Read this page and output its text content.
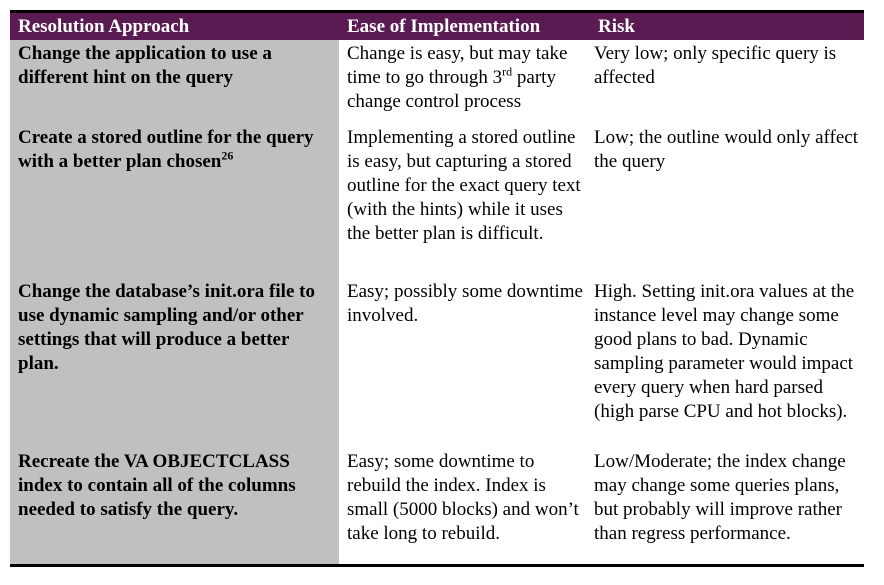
Resolution Approach	Ease of Implementation	Risk
Change the application to use a different hint on the query	Change is easy, but may take time to go through 3rd party change control process	Very low; only specific query is affected
Create a stored outline for the query with a better plan chosen$^{26}$	Implementing a stored outline is easy, but capturing a stored outline for the exact query text (with the hints) while it uses the better plan is difficult.	Low; the outline would only affect the query
Change the database’s init.ora file to use dynamic sampling and/or other settings that will produce a better plan.	Easy; possibly some downtime involved.	High. Setting init.ora values at the instance level may change some good plans to bad. Dynamic sampling parameter would impact every query when hard parsed (high parse CPU and hot blocks).
Recreate the VA OBJECTCLASS index to contain all of the columns needed to satisfy the query.	Easy; some downtime to rebuild the index. Index is small (5000 blocks) and won’t take long to rebuild.	Low/Moderate; the index change may change some queries plans, but probably will improve rather than regress performance.
